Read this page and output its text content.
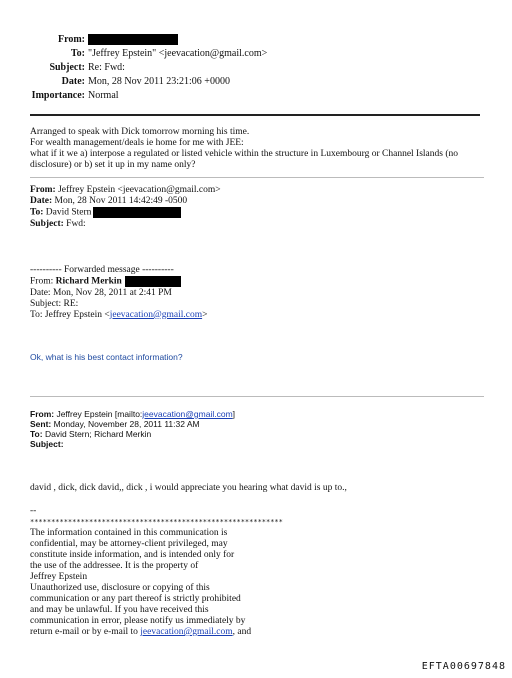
From:
To: "Jeffrey Epstein" <jeevacation@gmail.com>
Subject: Re: Fwd:
Date: Mon, 28 Nov 2011 23:21:06 +0000
Importance: Normal
Arranged to speak with Dick tomorrow morning his time.
For wealth management/deals ie home for me with JEE:
what if it we a) interpose a regulated or listed vehicle within the structure in Luxembourg or Channel Islands (no
disclosure) or b) set it up in my name only?
From: Jeffrey Epstein <jeevacation@gmail.com>
Date: Mon, 28 Nov 2011 14:42:49 -0500
To: David Stern
Subject: Fwd:
---------- Forwarded message ----------
From: Richard Merkin
Date: Mon, Nov 28, 2011 at 2:41 PM
Subject: RE:
To: Jeffrey Epstein <jeevacation@gmail.com>
Ok, what is his best contact information?
From: Jeffrey Epstein [mailto:jeevacation@gmail.com]
Sent: Monday, November 28, 2011 11:32 AM
To: David Stern; Richard Merkin
Subject:
david , dick, dick david,, dick , i would appreciate you hearing what david is up to.,
--
************************************************************
The information contained in this communication is
confidential, may be attorney-client privileged, may
constitute inside information, and is intended only for
the use of the addressee. It is the property of
Jeffrey Epstein
Unauthorized use, disclosure or copying of this
communication or any part thereof is strictly prohibited
and may be unlawful. If you have received this
communication in error, please notify us immediately by
return e-mail or by e-mail to jeevacation@gmail.com, and
EFTA00697848
